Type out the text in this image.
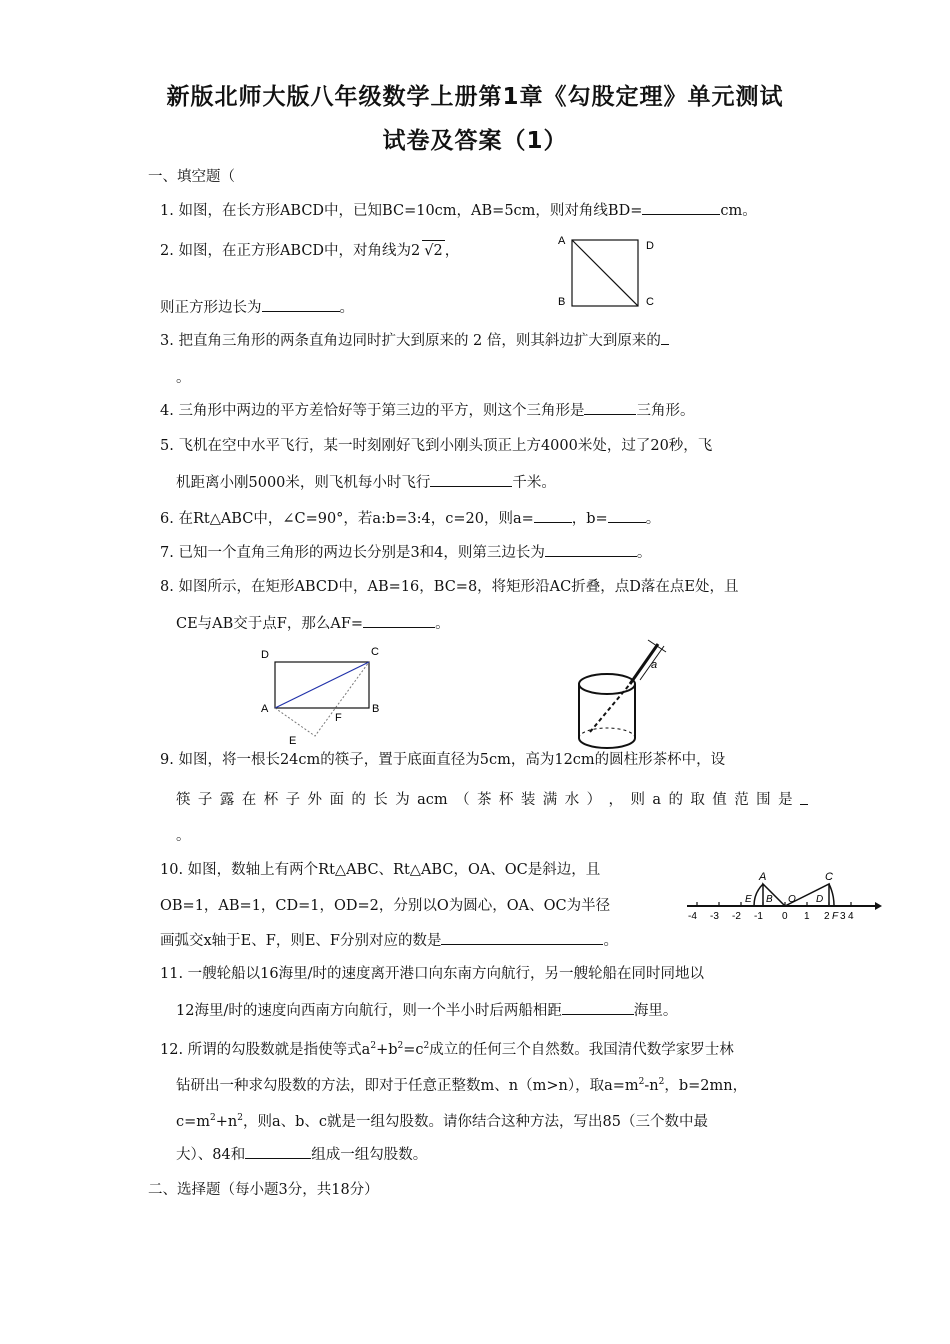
新版北师大版八年级数学上册第1章《勾股定理》单元测试
试卷及答案（1）
一、填空题（
1. 如图，在长方形ABCD中，已知BC=10cm，AB=5cm，则对角线BD=	cm。
2. 如图，在正方形ABCD中，对角线为2 √2 ，
则正方形边长为	。
A	D
B	C
3. 把直角三角形的两条直角边同时扩大到原来的 2 倍，则其斜边扩大到原来的
。
4. 三角形中两边的平方差恰好等于第三边的平方，则这个三角形是	三角形。
5. 飞机在空中水平飞行，某一时刻刚好飞到小刚头顶正上方4000米处，过了20秒，飞
机距离小刚5000米，则飞机每小时飞行	千米。
6. 在Rt△ABC中，∠C=90°，若a:b=3:4，c=20，则a=	，b=	。
7. 已知一个直角三角形的两边长分别是3和4，则第三边长为	。
8. 如图所示，在矩形ABCD中，AB=16，BC=8，将矩形沿AC折叠，点D落在点E处，且
CE与AB交于点F，那么AF=	。
D	C
A	B
F
E
a
9. 如图，将一根长24cm的筷子，置于底面直径为5cm，高为12cm的圆柱形茶杯中，设
筷 子 露 在 杯 子 外 面 的 长 为 acm （ 茶 杯 装 满 水 ） ， 则 a 的 取 值 范 围 是
。
10. 如图，数轴上有两个Rt△ABC、Rt△ABC，OA、OC是斜边，且
OB=1，AB=1，CD=1，OD=2，分别以O为圆心，OA、OC为半径
画弧交x轴于E、F，则E、F分别对应的数是	。
A	C
E B O D
F
-4 -3 -2 -1 0 1 2 3 4
11. 一艘轮船以16海里/时的速度离开港口向东南方向航行，另一艘轮船在同时同地以
12海里/时的速度向西南方向航行，则一个半小时后两船相距	海里。
12. 所谓的勾股数就是指使等式$a^2+b^2=c^2$成立的任何三个自然数。我国清代数学家罗士林
钻研出一种求勾股数的方法，即对于任意正整数m、n（m>n），取$a=m^2-n^2$，b=2mn，
$c=m^2+n^2$，则a、b、c就是一组勾股数。请你结合这种方法，写出85（三个数中最
大）、84和	组成一组勾股数。
二、选择题（每小题3分，共18分）
